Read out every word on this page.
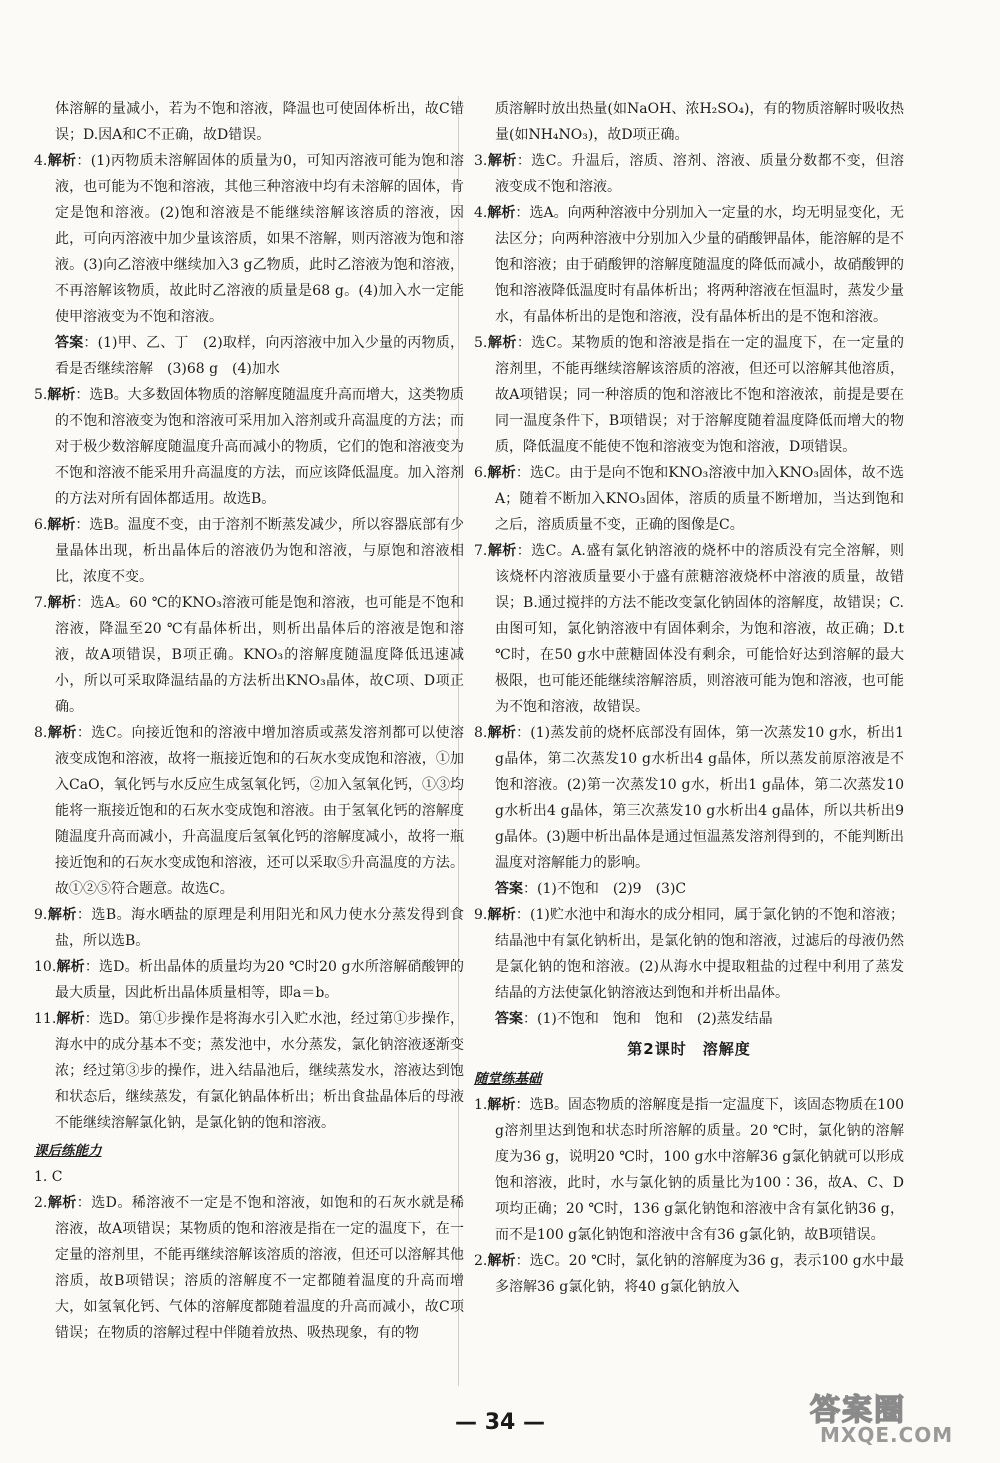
体溶解的量减小，若为不饱和溶液，降温也可使固体析出，故C错误；D.因A和C不正确，故D错误。

4.解析：(1)丙物质未溶解固体的质量为0，可知丙溶液可能为饱和溶液，也可能为不饱和溶液，其他三种溶液中均有未溶解的固体，肯定是饱和溶液。(2)饱和溶液是不能继续溶解该溶质的溶液，因此，可向丙溶液中加少量该溶质，如果不溶解，则丙溶液为饱和溶液。(3)向乙溶液中继续加入3 g乙物质，此时乙溶液为饱和溶液，不再溶解该物质，故此时乙溶液的质量是68 g。(4)加入水一定能使甲溶液变为不饱和溶液。

答案：(1)甲、乙、丁　(2)取样，向丙溶液中加入少量的丙物质，看是否继续溶解　(3)68 g　(4)加水

5.解析：选B。大多数固体物质的溶解度随温度升高而增大，这类物质的不饱和溶液变为饱和溶液可采用加入溶剂或升高温度的方法；而对于极少数溶解度随温度升高而减小的物质，它们的饱和溶液变为不饱和溶液不能采用升高温度的方法，而应该降低温度。加入溶剂的方法对所有固体都适用。故选B。

6.解析：选B。温度不变，由于溶剂不断蒸发减少，所以容器底部有少量晶体出现，析出晶体后的溶液仍为饱和溶液，与原饱和溶液相比，浓度不变。

7.解析：选A。60 ℃的KNO₃溶液可能是饱和溶液，也可能是不饱和溶液，降温至20 ℃有晶体析出，则析出晶体后的溶液是饱和溶液，故A项错误，B项正确。KNO₃的溶解度随温度降低迅速减小，所以可采取降温结晶的方法析出KNO₃晶体，故C项、D项正确。

8.解析：选C。向接近饱和的溶液中增加溶质或蒸发溶剂都可以使溶液变成饱和溶液，故将一瓶接近饱和的石灰水变成饱和溶液，①加入CaO，氧化钙与水反应生成氢氧化钙，②加入氢氧化钙，①③均能将一瓶接近饱和的石灰水变成饱和溶液。由于氢氧化钙的溶解度随温度升高而减小，升高温度后氢氧化钙的溶解度减小，故将一瓶接近饱和的石灰水变成饱和溶液，还可以采取⑤升高温度的方法。故①②⑤符合题意。故选C。

9.解析：选B。海水晒盐的原理是利用阳光和风力使水分蒸发得到食盐，所以选B。

10.解析：选D。析出晶体的质量均为20 ℃时20 g水所溶解硝酸钾的最大质量，因此析出晶体质量相等，即a＝b。

11.解析：选D。第①步操作是将海水引入贮水池，经过第①步操作，海水中的成分基本不变；蒸发池中，水分蒸发，氯化钠溶液逐渐变浓；经过第③步的操作，进入结晶池后，继续蒸发水，溶液达到饱和状态后，继续蒸发，有氯化钠晶体析出；析出食盐晶体后的母液不能继续溶解氯化钠，是氯化钠的饱和溶液。

课后练能力

1. C

2.解析：选D。稀溶液不一定是不饱和溶液，如饱和的石灰水就是稀溶液，故A项错误；某物质的饱和溶液是指在一定的温度下，在一定量的溶剂里，不能再继续溶解该溶质的溶液，但还可以溶解其他溶质，故B项错误；溶质的溶解度不一定都随着温度的升高而增大，如氢氧化钙、气体的溶解度都随着温度的升高而减小，故C项错误；在物质的溶解过程中伴随着放热、吸热现象，有的物

质溶解时放出热量(如NaOH、浓H₂SO₄)，有的物质溶解时吸收热量(如NH₄NO₃)，故D项正确。

3.解析：选C。升温后，溶质、溶剂、溶液、质量分数都不变，但溶液变成不饱和溶液。

4.解析：选A。向两种溶液中分别加入一定量的水，均无明显变化，无法区分；向两种溶液中分别加入少量的硝酸钾晶体，能溶解的是不饱和溶液；由于硝酸钾的溶解度随温度的降低而减小，故硝酸钾的饱和溶液降低温度时有晶体析出；将两种溶液在恒温时，蒸发少量水，有晶体析出的是饱和溶液，没有晶体析出的是不饱和溶液。

5.解析：选C。某物质的饱和溶液是指在一定的温度下，在一定量的溶剂里，不能再继续溶解该溶质的溶液，但还可以溶解其他溶质，故A项错误；同一种溶质的饱和溶液比不饱和溶液浓，前提是要在同一温度条件下，B项错误；对于溶解度随着温度降低而增大的物质，降低温度不能使不饱和溶液变为饱和溶液，D项错误。

6.解析：选C。由于是向不饱和KNO₃溶液中加入KNO₃固体，故不选A；随着不断加入KNO₃固体，溶质的质量不断增加，当达到饱和之后，溶质质量不变，正确的图像是C。

7.解析：选C。A.盛有氯化钠溶液的烧杯中的溶质没有完全溶解，则该烧杯内溶液质量要小于盛有蔗糖溶液烧杯中溶液的质量，故错误；B.通过搅拌的方法不能改变氯化钠固体的溶解度，故错误；C.由图可知，氯化钠溶液中有固体剩余，为饱和溶液，故正确；D.t ℃时，在50 g水中蔗糖固体没有剩余，可能恰好达到溶解的最大极限，也可能还能继续溶解溶质，则溶液可能为饱和溶液，也可能为不饱和溶液，故错误。

8.解析：(1)蒸发前的烧杯底部没有固体，第一次蒸发10 g水，析出1 g晶体，第二次蒸发10 g水析出4 g晶体，所以蒸发前原溶液是不饱和溶液。(2)第一次蒸发10 g水，析出1 g晶体，第二次蒸发10 g水析出4 g晶体，第三次蒸发10 g水析出4 g晶体，所以共析出9 g晶体。(3)题中析出晶体是通过恒温蒸发溶剂得到的，不能判断出温度对溶解能力的影响。

答案：(1)不饱和　(2)9　(3)C

9.解析：(1)贮水池中和海水的成分相同，属于氯化钠的不饱和溶液；结晶池中有氯化钠析出，是氯化钠的饱和溶液，过滤后的母液仍然是氯化钠的饱和溶液。(2)从海水中提取粗盐的过程中利用了蒸发结晶的方法使氯化钠溶液达到饱和并析出晶体。

答案：(1)不饱和　饱和　饱和　(2)蒸发结晶

第2课时　溶解度

随堂练基础

1.解析：选B。固态物质的溶解度是指一定温度下，该固态物质在100 g溶剂里达到饱和状态时所溶解的质量。20 ℃时，氯化钠的溶解度为36 g，说明20 ℃时，100 g水中溶解36 g氯化钠就可以形成饱和溶液，此时，水与氯化钠的质量比为100∶36，故A、C、D项均正确；20 ℃时，136 g氯化钠饱和溶液中含有氯化钠36 g，而不是100 g氯化钠饱和溶液中含有36 g氯化钠，故B项错误。

2.解析：选C。20 ℃时，氯化钠的溶解度为36 g，表示100 g水中最多溶解36 g氯化钠，将40 g氯化钠放入

— 34 —	答案圈
MXQE.COM
